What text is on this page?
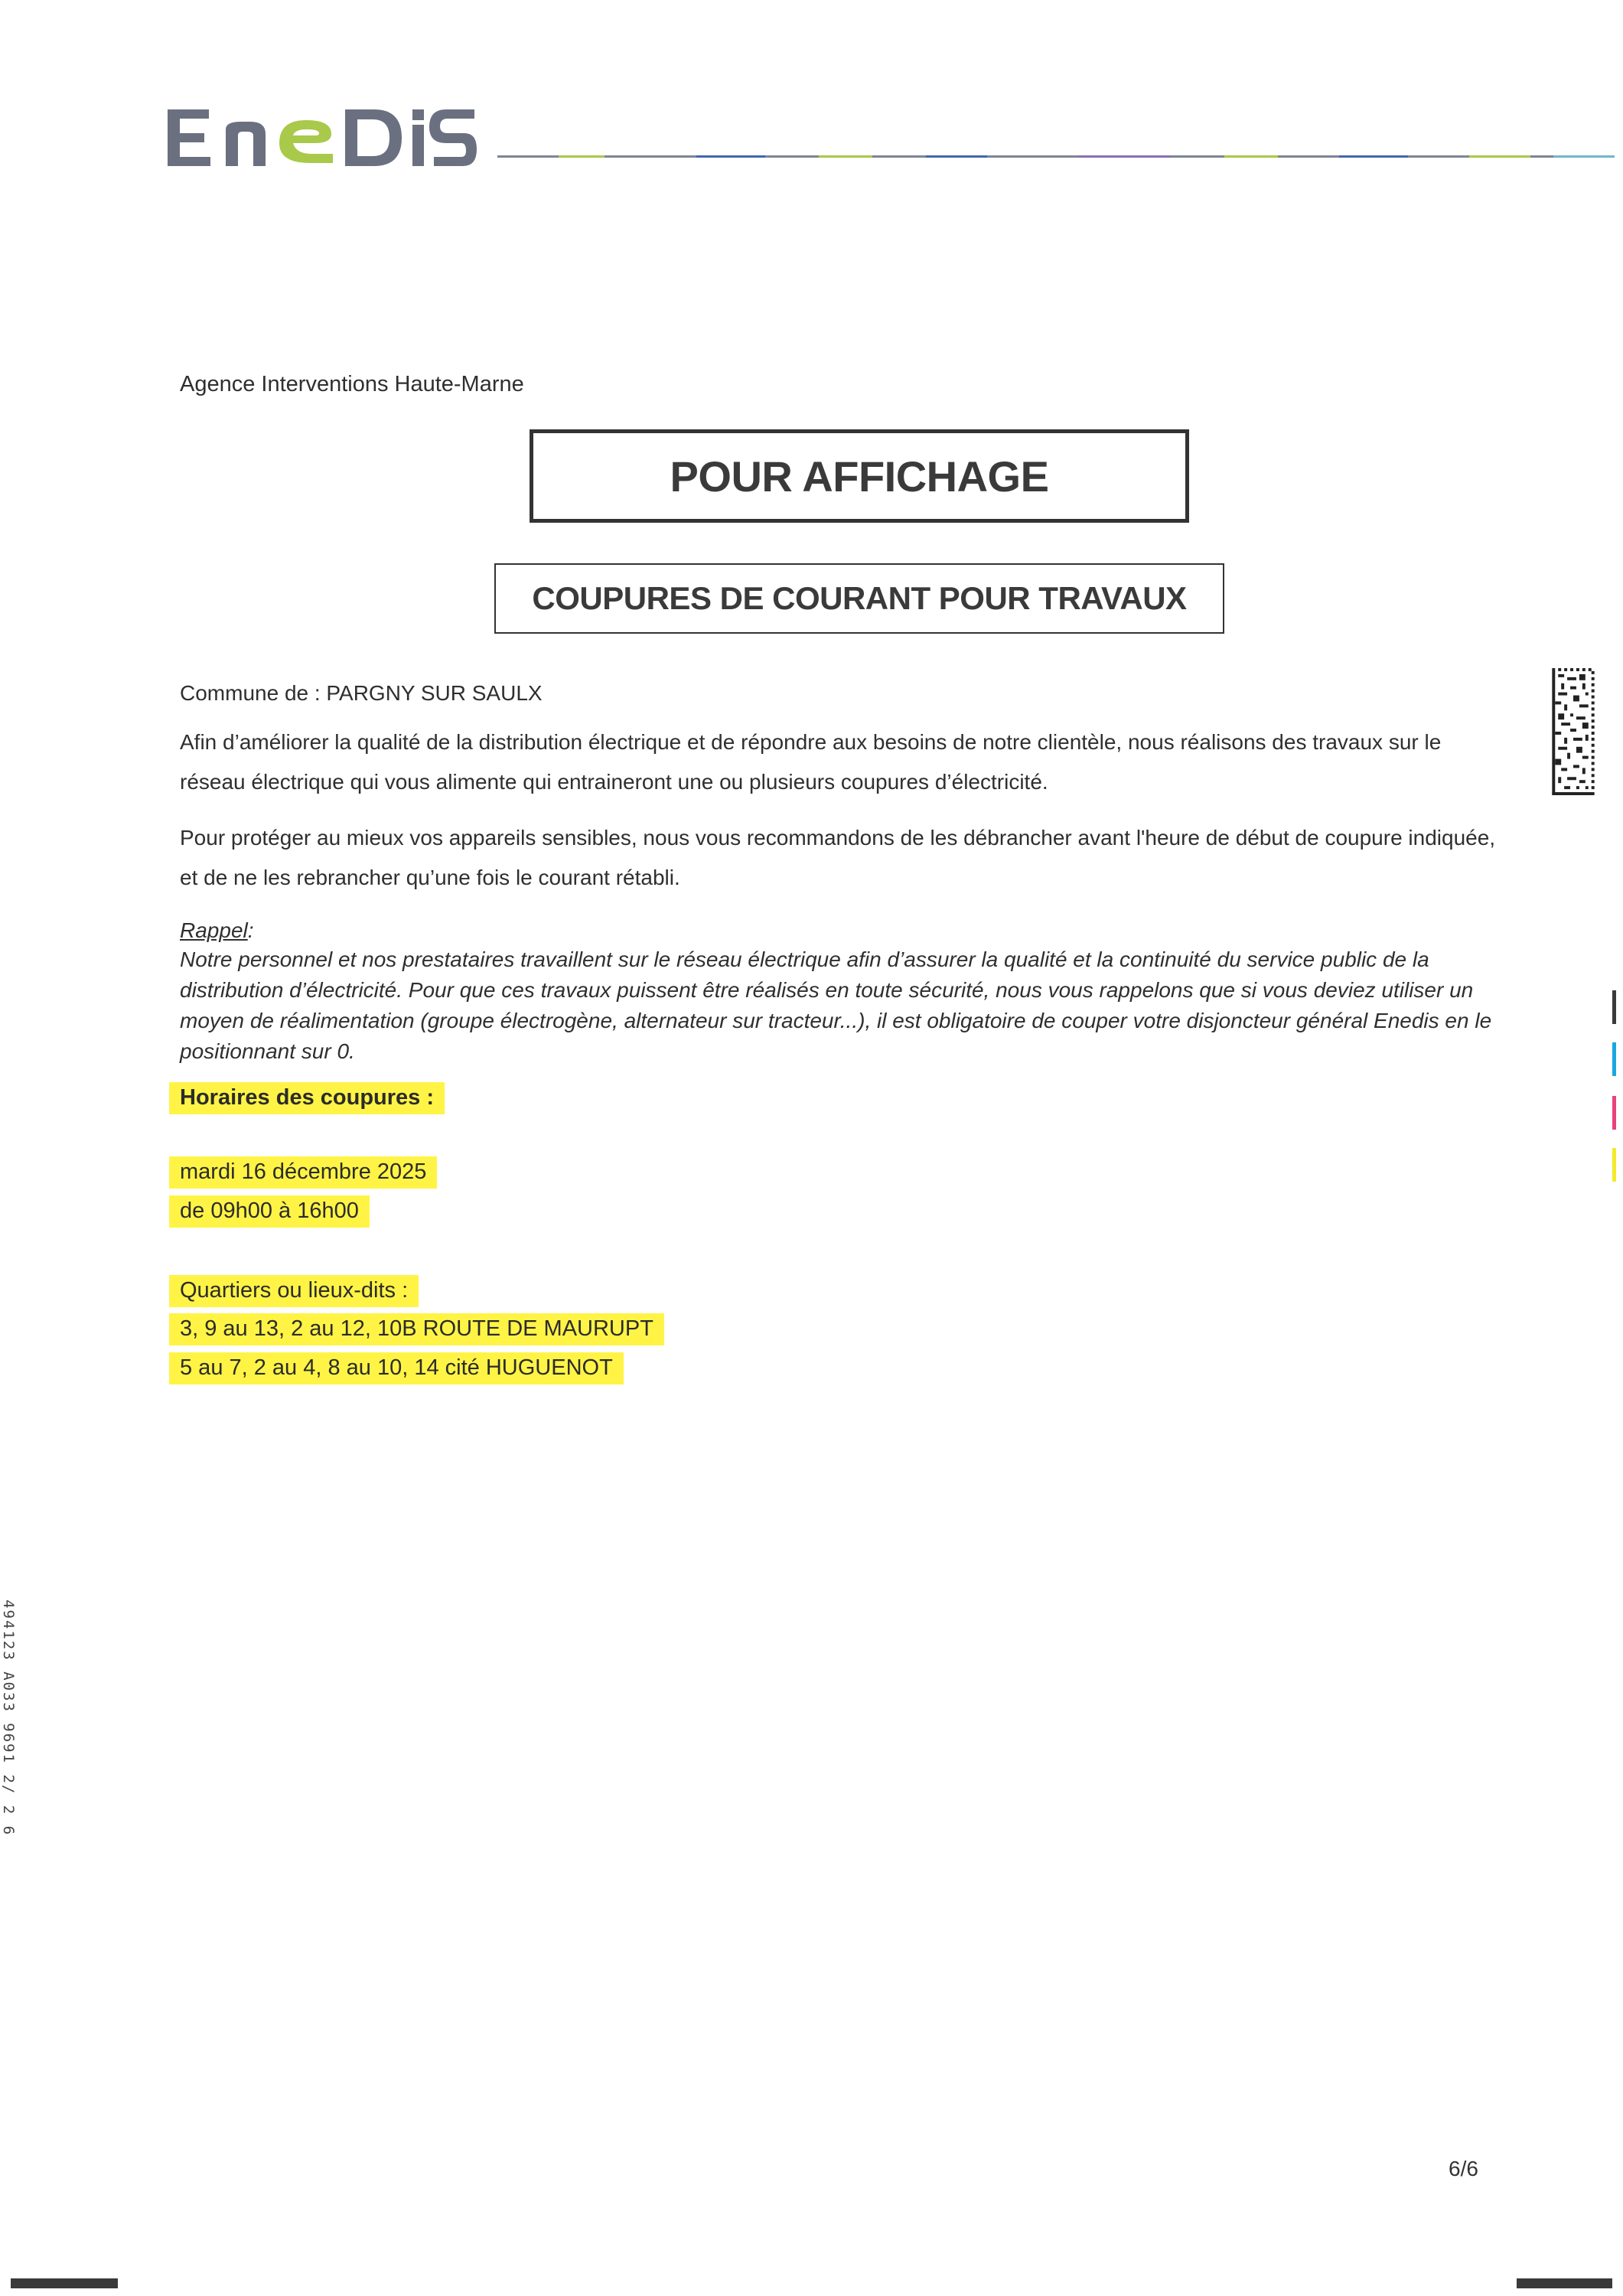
Agence Interventions Haute-Marne
POUR AFFICHAGE
COUPURES DE COURANT POUR TRAVAUX
Commune de : PARGNY SUR SAULX
Afin d’améliorer la qualité de la distribution électrique et de répondre aux besoins de notre clientèle, nous réalisons des travaux sur le réseau électrique qui vous alimente qui entraineront une ou plusieurs coupures d’électricité.
Pour protéger au mieux vos appareils sensibles, nous vous recommandons de les débrancher avant l'heure de début de coupure indiquée, et de ne les rebrancher qu’une fois le courant rétabli.
Rappel:
Notre personnel et nos prestataires travaillent sur le réseau électrique afin d’assurer la qualité et la continuité du service public de la distribution d’électricité. Pour que ces travaux puissent être réalisés en toute sécurité, nous vous rappelons que si vous deviez utiliser un moyen de réalimentation (groupe électrogène, alternateur sur tracteur...), il est obligatoire de couper votre disjoncteur général Enedis en le positionnant sur 0.
Horaires des coupures :
mardi 16 décembre 2025
de 09h00 à 16h00
Quartiers ou lieux-dits :
3, 9 au 13, 2 au 12, 10B ROUTE DE MAURUPT
5 au 7, 2 au 4, 8 au 10, 14 cité HUGUENOT
6/6
494123 A033 9691 2/ 2 6
